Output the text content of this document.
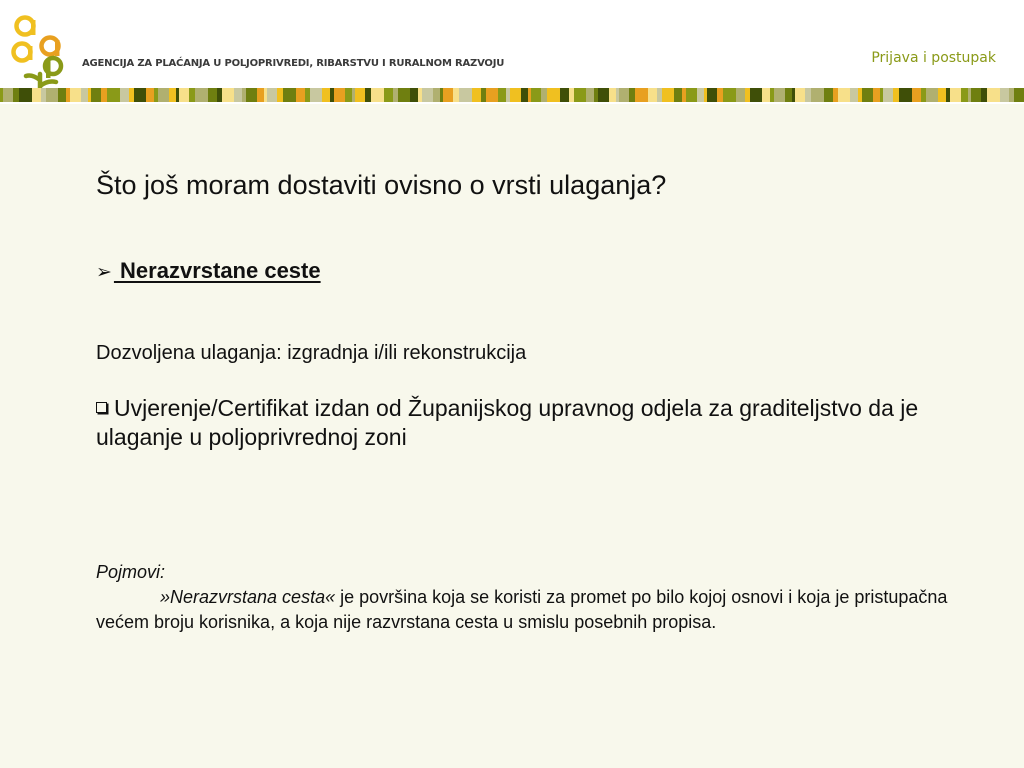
AGENCIJA ZA PLAĆANJA U POLJOPRIVREDI, RIBARSTVU I RURALNOM RAZVOJU	Prijava i postupak
Što još moram dostaviti ovisno o vrsti ulaganja?
➢ Nerazvrstane ceste
Dozvoljena ulaganja: izgradnja i/ili rekonstrukcija
Uvjerenje/Certifikat izdan od Županijskog upravnog odjela za graditeljstvo da je ulaganje u poljoprivrednoj zoni
Pojmovi:
»Nerazvrstana cesta« je površina koja se koristi za promet po bilo kojoj osnovi i koja je pristupačna većem broju korisnika, a koja nije razvrstana cesta u smislu posebnih propisa.
